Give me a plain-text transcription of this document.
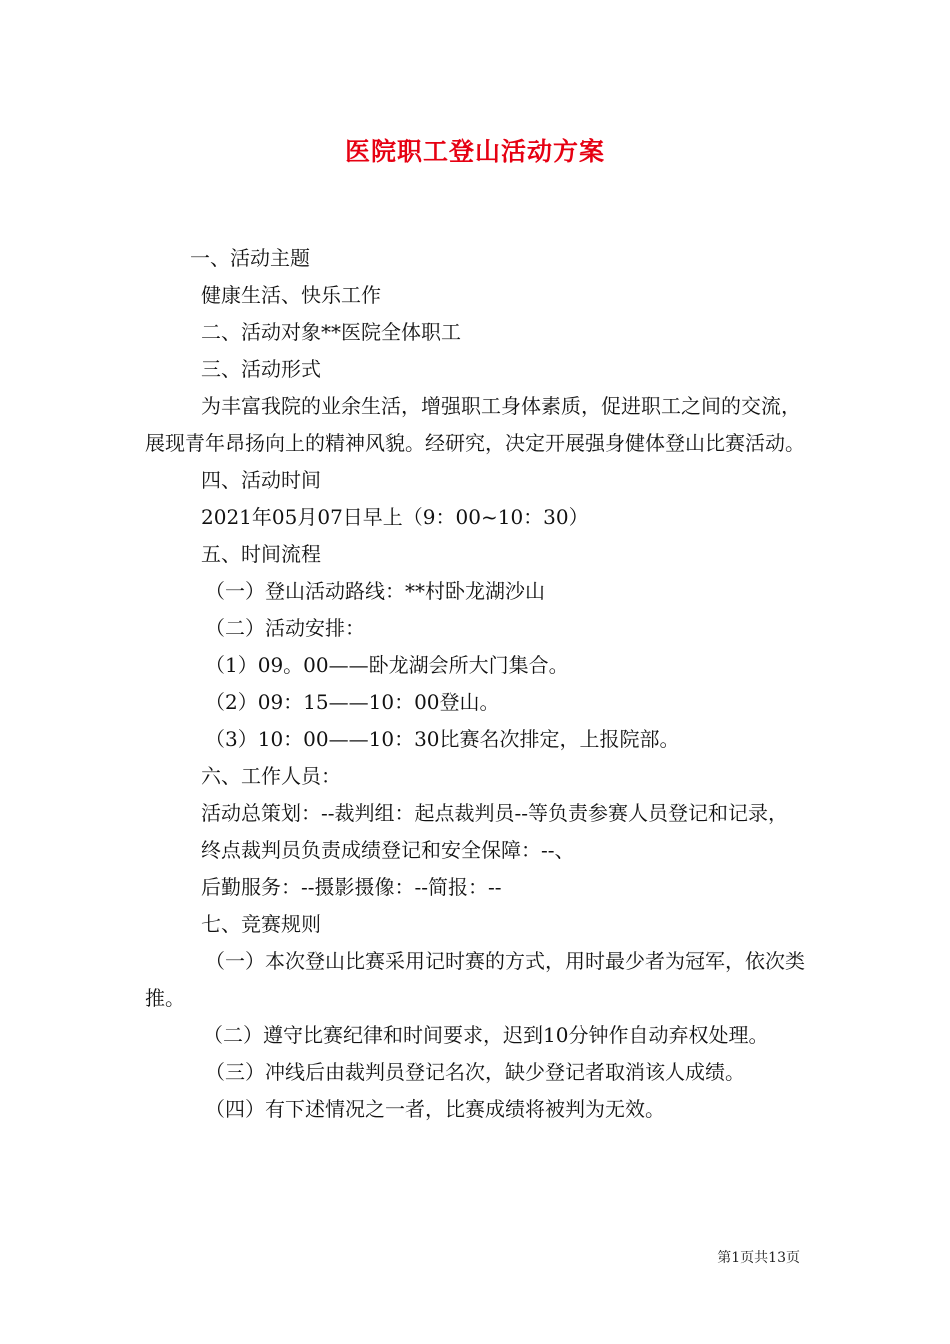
医院职工登山活动方案
一、活动主题
健康生活、快乐工作
二、活动对象**医院全体职工
三、活动形式
为丰富我院的业余生活，增强职工身体素质，促进职工之间的交流，展现青年昂扬向上的精神风貌。经研究，决定开展强身健体登山比赛活动。
四、活动时间
2021年05月07日早上（9：00~10：30）
五、时间流程
（一）登山活动路线：**村卧龙湖沙山
（二）活动安排：
（1）09。00——卧龙湖会所大门集合。
（2）09：15——10：00登山。
（3）10：00——10：30比赛名次排定，上报院部。
六、工作人员：
活动总策划：--裁判组：起点裁判员--等负责参赛人员登记和记录，
终点裁判员负责成绩登记和安全保障：--、
后勤服务：--摄影摄像：--简报：--
七、竞赛规则
（一）本次登山比赛采用记时赛的方式，用时最少者为冠军，依次类推。
（二）遵守比赛纪律和时间要求，迟到10分钟作自动弃权处理。
（三）冲线后由裁判员登记名次，缺少登记者取消该人成绩。
（四）有下述情况之一者，比赛成绩将被判为无效。
第1页共13页
